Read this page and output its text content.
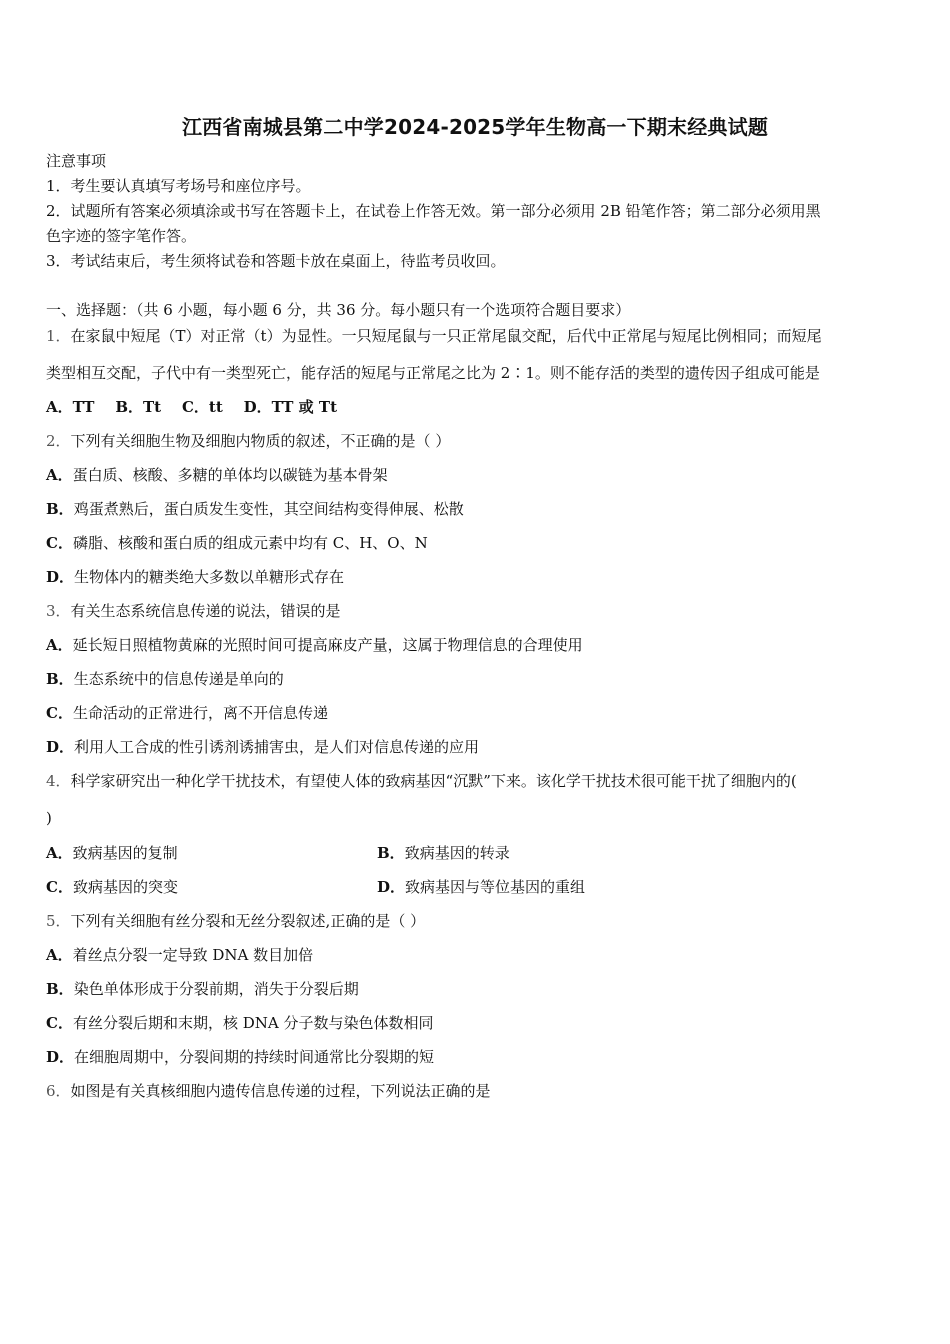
江西省南城县第二中学2024-2025学年生物高一下期末经典试题
注意事项
1．考生要认真填写考场号和座位序号。
2．试题所有答案必须填涂或书写在答题卡上，在试卷上作答无效。第一部分必须用 2B 铅笔作答；第二部分必须用黑
色字迹的签字笔作答。
3．考试结束后，考生须将试卷和答题卡放在桌面上，待监考员收回。
一、选择题：（共 6 小题，每小题 6 分，共 36 分。每小题只有一个选项符合题目要求）
1．在家鼠中短尾（T）对正常（t）为显性。一只短尾鼠与一只正常尾鼠交配，后代中正常尾与短尾比例相同；而短尾
类型相互交配，子代中有一类型死亡，能存活的短尾与正常尾之比为 2∶1。则不能存活的类型的遗传因子组成可能是
A．TT    B．Tt    C．tt    D．TT 或 Tt
2．下列有关细胞生物及细胞内物质的叙述，不正确的是（ ）
A．蛋白质、核酸、多糖的单体均以碳链为基本骨架
B．鸡蛋煮熟后，蛋白质发生变性，其空间结构变得伸展、松散
C．磷脂、核酸和蛋白质的组成元素中均有 C、H、O、N
D．生物体内的糖类绝大多数以单糖形式存在
3．有关生态系统信息传递的说法，错误的是
A．延长短日照植物黄麻的光照时间可提高麻皮产量，这属于物理信息的合理使用
B．生态系统中的信息传递是单向的
C．生命活动的正常进行，离不开信息传递
D．利用人工合成的性引诱剂诱捕害虫，是人们对信息传递的应用
4．科学家研究出一种化学干扰技术，有望使人体的致病基因“沉默”下来。该化学干扰技术很可能干扰了细胞内的(
)
A．致病基因的复制	B．致病基因的转录
C．致病基因的突变	D．致病基因与等位基因的重组
5．下列有关细胞有丝分裂和无丝分裂叙述,正确的是（ ）
A．着丝点分裂一定导致 DNA 数目加倍
B．染色单体形成于分裂前期，消失于分裂后期
C．有丝分裂后期和末期，核 DNA 分子数与染色体数相同
D．在细胞周期中，分裂间期的持续时间通常比分裂期的短
6．如图是有关真核细胞内遗传信息传递的过程，下列说法正确的是
